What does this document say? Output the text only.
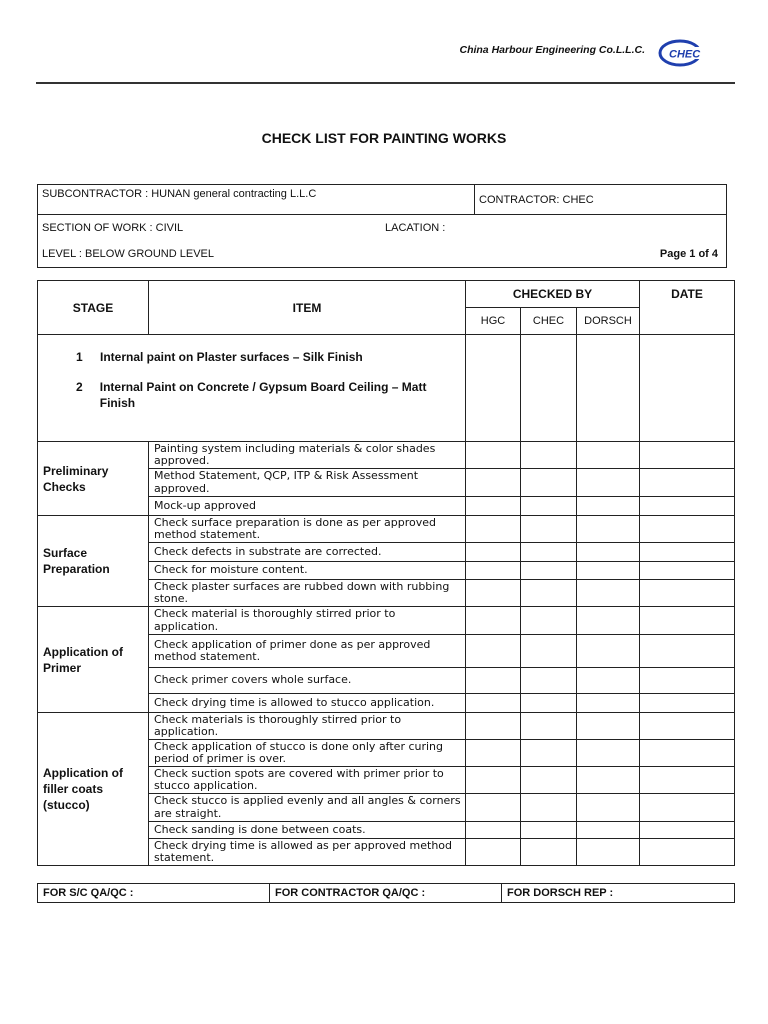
China Harbour Engineering Co.L.L.C. CHEC
CHECK LIST FOR PAINTING WORKS
SUBCONTRACTOR : HUNAN general contracting L.L.C	CONTRACTOR: CHEC
SECTION OF WORK : CIVIL	LACATION :
LEVEL : BELOW GROUND LEVEL	Page 1 of 4
STAGE	ITEM	CHECKED BY			DATE
		HGC	CHEC	DORSCH	

1 Internal paint on Plaster surfaces – Silk Finish
2 Internal Paint on Concrete / Gypsum Board Ceiling – Matt Finish					

Preliminary Checks	Painting system including materials & color shades approved.				
	Method Statement, QCP, ITP & Risk Assessment approved.				
	Mock-up approved				
Surface Preparation	Check surface preparation is done as per approved method statement.				
	Check defects in substrate are corrected.				
	Check for moisture content.				
	Check plaster surfaces are rubbed down with rubbing stone.				
Application of Primer	Check material is thoroughly stirred prior to application.				
	Check application of primer done as per approved method statement.				
	Check primer covers whole surface.				
	Check drying time is allowed to stucco application.				
Application of filler coats (stucco)	Check materials is thoroughly stirred prior to application.				
	Check application of stucco is done only after curing period of primer is over.				
	Check suction spots are covered with primer prior to stucco application.				
	Check stucco is applied evenly and all angles & corners are straight.				
	Check sanding is done between coats.				
	Check drying time is allowed as per approved method statement.				
FOR S/C QA/QC :	FOR CONTRACTOR QA/QC :	FOR DORSCH REP :
